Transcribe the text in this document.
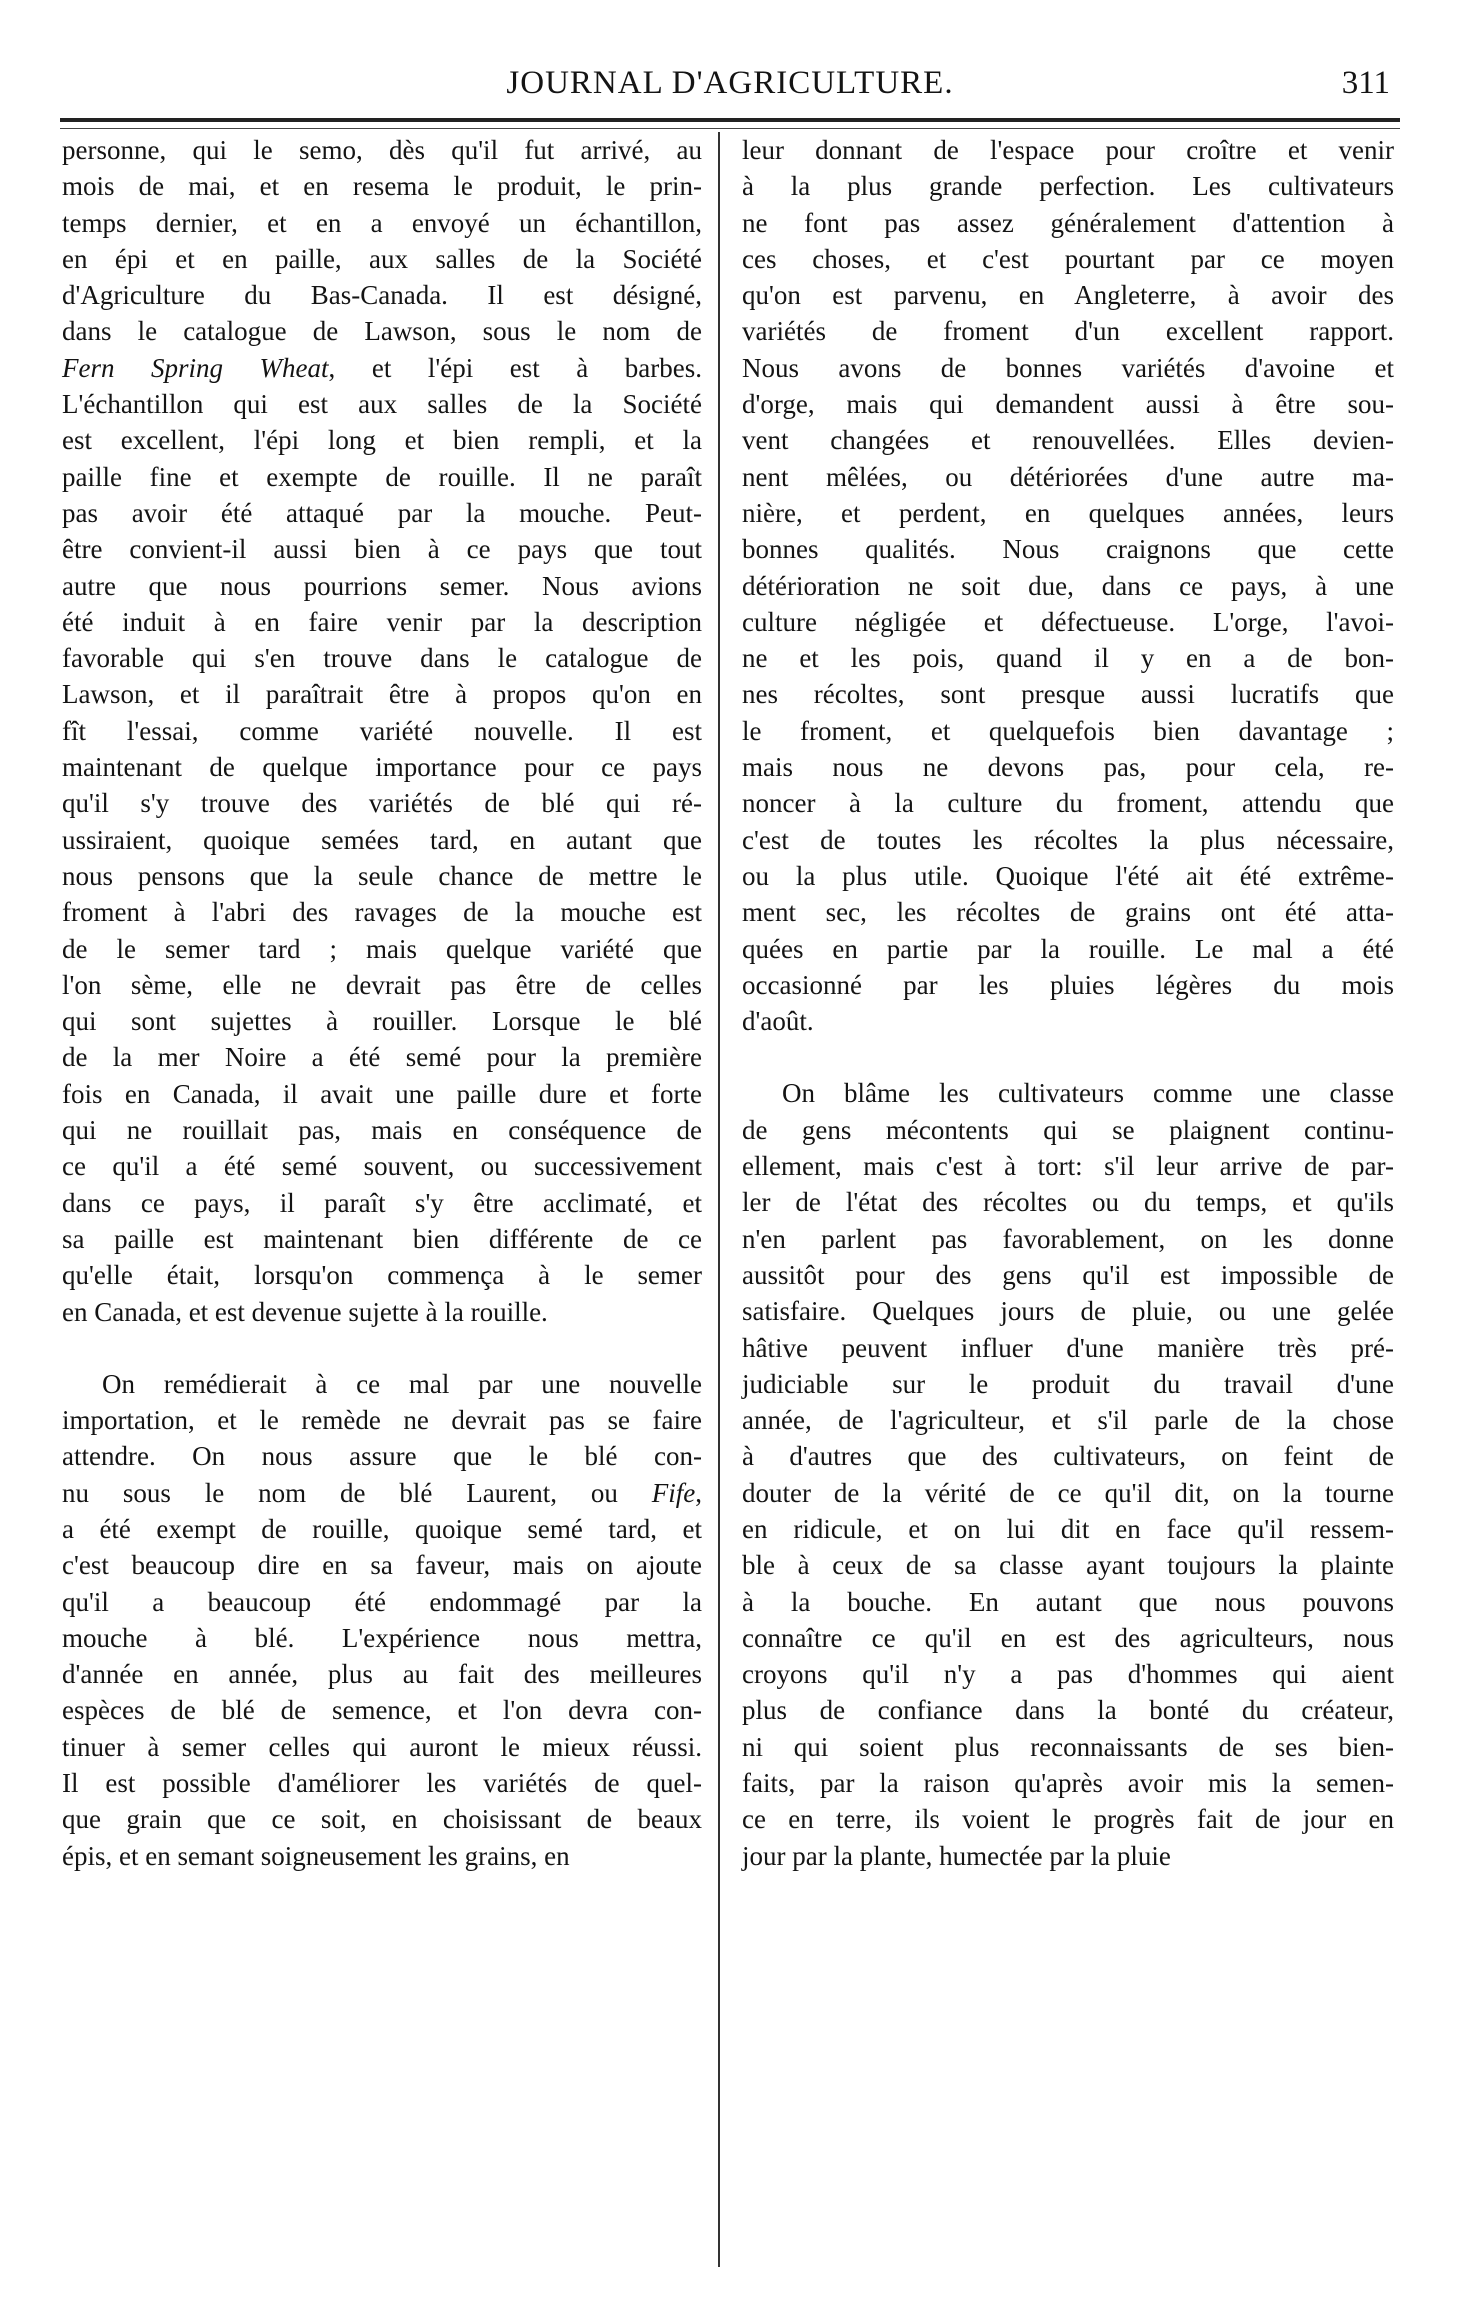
JOURNAL D'AGRICULTURE.	311
personne, qui le semo, dès qu'il fut arrivé, au
mois de mai, et en resema le produit, le prin-
temps dernier, et en a envoyé un échantillon,
en épi et en paille, aux salles de la Société
d'Agriculture du Bas-Canada. Il est désigné,
dans le catalogue de Lawson, sous le nom de
Fern Spring Wheat, et l'épi est à barbes.
L'échantillon qui est aux salles de la Société
est excellent, l'épi long et bien rempli, et la
paille fine et exempte de rouille. Il ne paraît
pas avoir été attaqué par la mouche. Peut-
être convient-il aussi bien à ce pays que tout
autre que nous pourrions semer. Nous avions
été induit à en faire venir par la description
favorable qui s'en trouve dans le catalogue de
Lawson, et il paraîtrait être à propos qu'on en
fît l'essai, comme variété nouvelle. Il est
maintenant de quelque importance pour ce pays
qu'il s'y trouve des variétés de blé qui ré-
ussiraient, quoique semées tard, en autant que
nous pensons que la seule chance de mettre le
froment à l'abri des ravages de la mouche est
de le semer tard ; mais quelque variété que
l'on sème, elle ne devrait pas être de celles
qui sont sujettes à rouiller. Lorsque le blé
de la mer Noire a été semé pour la première
fois en Canada, il avait une paille dure et forte
qui ne rouillait pas, mais en conséquence de
ce qu'il a été semé souvent, ou successivement
dans ce pays, il paraît s'y être acclimaté, et
sa paille est maintenant bien différente de ce
qu'elle était, lorsqu'on commença à le semer
en Canada, et est devenue sujette à la rouille.
On remédierait à ce mal par une nouvelle
importation, et le remède ne devrait pas se faire
attendre. On nous assure que le blé con-
nu sous le nom de blé Laurent, ou Fife,
a été exempt de rouille, quoique semé tard, et
c'est beaucoup dire en sa faveur, mais on ajoute
qu'il a beaucoup été endommagé par la
mouche à blé. L'expérience nous mettra,
d'année en année, plus au fait des meilleures
espèces de blé de semence, et l'on devra con-
tinuer à semer celles qui auront le mieux réussi.
Il est possible d'améliorer les variétés de quel-
que grain que ce soit, en choisissant de beaux
épis, et en semant soigneusement les grains, en
leur donnant de l'espace pour croître et venir
à la plus grande perfection. Les cultivateurs
ne font pas assez généralement d'attention à
ces choses, et c'est pourtant par ce moyen
qu'on est parvenu, en Angleterre, à avoir des
variétés de froment d'un excellent rapport.
Nous avons de bonnes variétés d'avoine et
d'orge, mais qui demandent aussi à être sou-
vent changées et renouvellées. Elles devien-
nent mêlées, ou détériorées d'une autre ma-
nière, et perdent, en quelques années, leurs
bonnes qualités. Nous craignons que cette
détérioration ne soit due, dans ce pays, à une
culture négligée et défectueuse. L'orge, l'avoi-
ne et les pois, quand il y en a de bon-
nes récoltes, sont presque aussi lucratifs que
le froment, et quelquefois bien davantage ;
mais nous ne devons pas, pour cela, re-
noncer à la culture du froment, attendu que
c'est de toutes les récoltes la plus nécessaire,
ou la plus utile. Quoique l'été ait été extrême-
ment sec, les récoltes de grains ont été atta-
quées en partie par la rouille. Le mal a été
occasionné par les pluies légères du mois
d'août.
On blâme les cultivateurs comme une classe
de gens mécontents qui se plaignent continu-
ellement, mais c'est à tort: s'il leur arrive de par-
ler de l'état des récoltes ou du temps, et qu'ils
n'en parlent pas favorablement, on les donne
aussitôt pour des gens qu'il est impossible de
satisfaire. Quelques jours de pluie, ou une gelée
hâtive peuvent influer d'une manière très pré-
judiciable sur le produit du travail d'une
année, de l'agriculteur, et s'il parle de la chose
à d'autres que des cultivateurs, on feint de
douter de la vérité de ce qu'il dit, on la tourne
en ridicule, et on lui dit en face qu'il ressem-
ble à ceux de sa classe ayant toujours la plainte
à la bouche. En autant que nous pouvons
connaître ce qu'il en est des agriculteurs, nous
croyons qu'il n'y a pas d'hommes qui aient
plus de confiance dans la bonté du créateur,
ni qui soient plus reconnaissants de ses bien-
faits, par la raison qu'après avoir mis la semen-
ce en terre, ils voient le progrès fait de jour en
jour par la plante, humectée par la pluie
